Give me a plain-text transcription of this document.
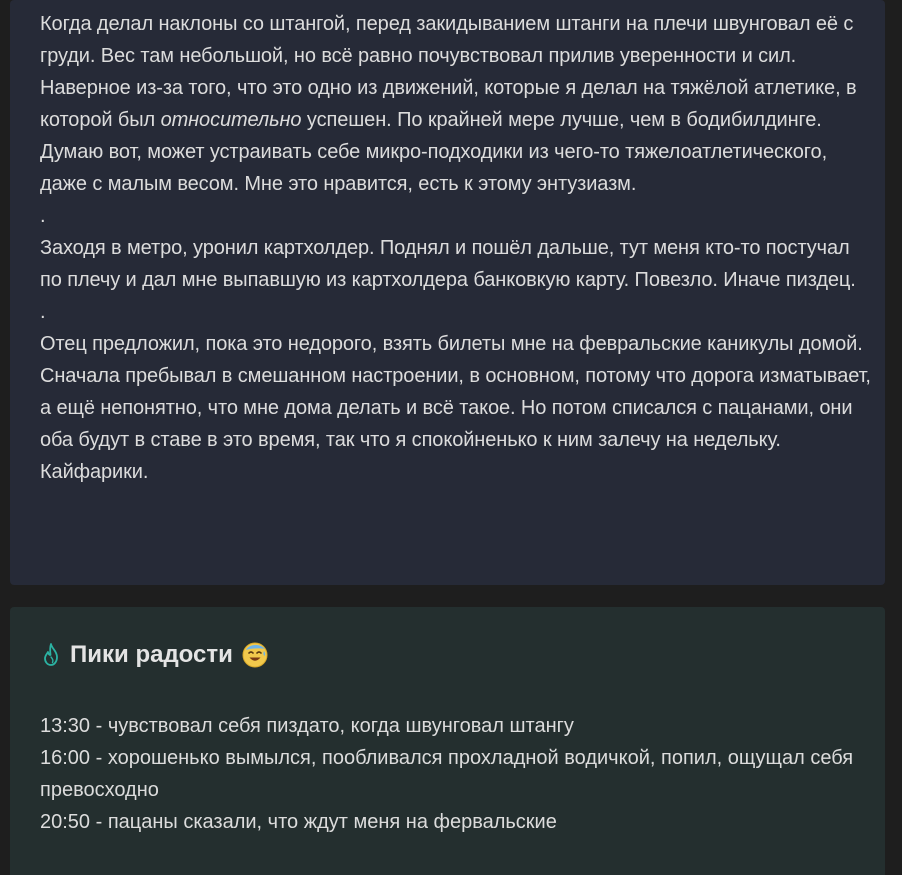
Когда делал наклоны со штангой, перед закидыванием штанги на плечи швунговал её с груди. Вес там небольшой, но всё равно почувствовал прилив уверенности и сил. Наверное из-за того, что это одно из движений, которые я делал на тяжёлой атлетике, в которой был относительно успешен. По крайней мере лучше, чем в бодибилдинге. Думаю вот, может устраивать себе микро-подходики из чего-то тяжелоатлетического, даже с малым весом. Мне это нравится, есть к этому энтузиазм.

.

Заходя в метро, уронил картхолдер. Поднял и пошёл дальше, тут меня кто-то постучал по плечу и дал мне выпавшую из картхолдера банковкую карту. Повезло. Иначе пиздец.

.

Отец предложил, пока это недорого, взять билеты мне на февральские каникулы домой. Сначала пребывал в смешанном настроении, в основном, потому что дорога изматывает, а ещё непонятно, что мне дома делать и всё такое. Но потом списался с пацанами, они оба будут в ставе в это время, так что я спокойненько к ним залечу на недельку. Кайфарики.

Пики радости

13:30 - чувствовал себя пиздато, когда швунговал штангу

16:00 - хорошенько вымылся, пообливался прохладной водичкой, попил, ощущал себя превосходно

20:50 - пацаны сказали, что ждут меня на фервальские
